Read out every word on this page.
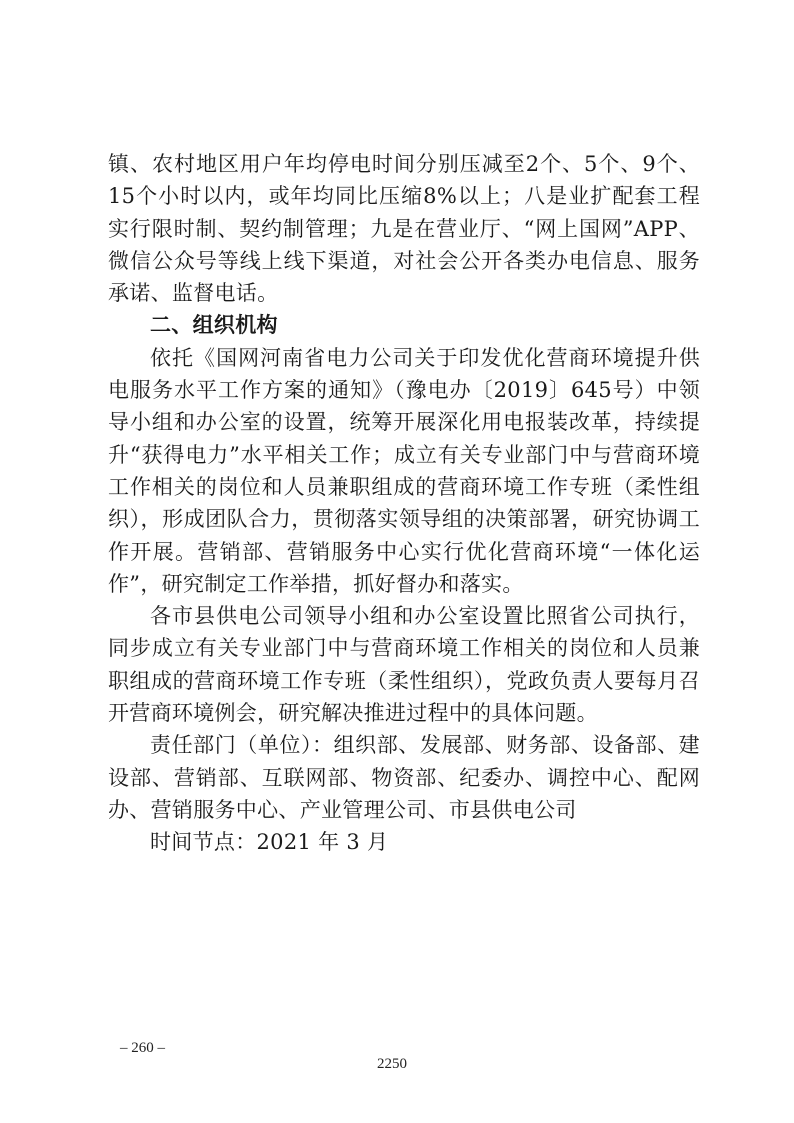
镇、农村地区用户年均停电时间分别压减至2个、5个、9个、15个小时以内，或年均同比压缩8%以上；八是业扩配套工程实行限时制、契约制管理；九是在营业厅、“网上国网”APP、微信公众号等线上线下渠道，对社会公开各类办电信息、服务承诺、监督电话。

二、组织机构

依托《国网河南省电力公司关于印发优化营商环境提升供电服务水平工作方案的通知》（豫电办〔2019〕645号）中领导小组和办公室的设置，统筹开展深化用电报装改革，持续提升“获得电力”水平相关工作；成立有关专业部门中与营商环境工作相关的岗位和人员兼职组成的营商环境工作专班（柔性组织），形成团队合力，贯彻落实领导组的决策部署，研究协调工作开展。营销部、营销服务中心实行优化营商环境“一体化运作”，研究制定工作举措，抓好督办和落实。

各市县供电公司领导小组和办公室设置比照省公司执行，同步成立有关专业部门中与营商环境工作相关的岗位和人员兼职组成的营商环境工作专班（柔性组织），党政负责人要每月召开营商环境例会，研究解决推进过程中的具体问题。

责任部门（单位）：组织部、发展部、财务部、设备部、建设部、营销部、互联网部、物资部、纪委办、调控中心、配网办、营销服务中心、产业管理公司、市县供电公司

时间节点：2021 年 3 月

– 260 –
2250
